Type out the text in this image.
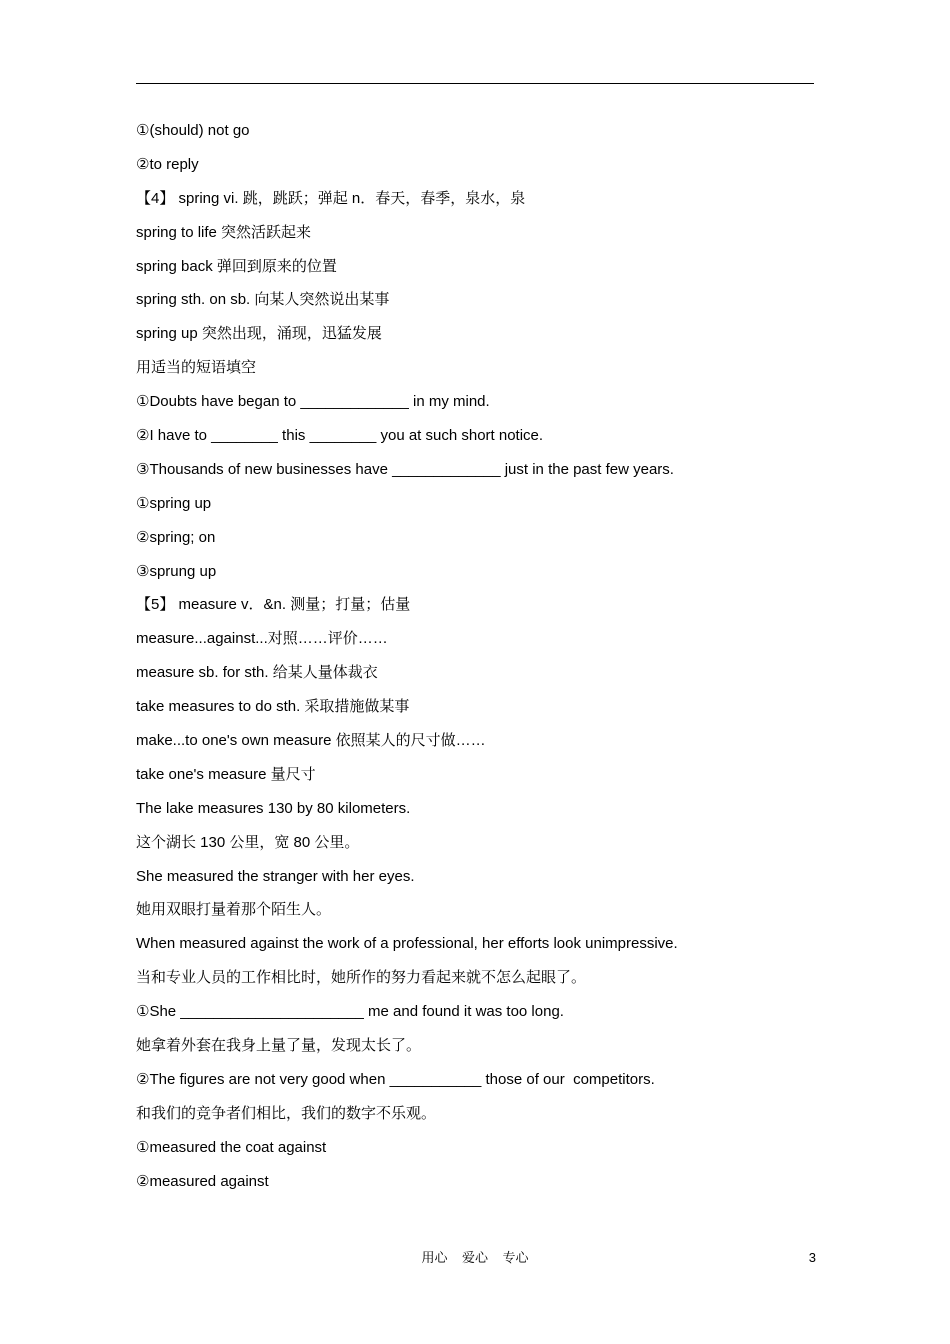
①(should) not go
②to reply
【4】 spring vi. 跳，跳跃；弹起 n．春天，春季，泉水，泉
spring to life 突然活跃起来
spring back 弹回到原来的位置
spring sth. on sb. 向某人突然说出某事
spring up 突然出现，涌现，迅猛发展
用适当的短语填空
①Doubts have began to _____________ in my mind.
②I have to ________ this ________ you at such short notice.
③Thousands of new businesses have _____________ just in the past few years.
①spring up
②spring; on
③sprung up
【5】 measure v．&n. 测量；打量；估量
measure...against...对照……评价……
measure sb. for sth. 给某人量体裁衣
take measures to do sth. 采取措施做某事
make...to one's own measure 依照某人的尺寸做……
take one's measure 量尺寸
The lake measures 130 by 80 kilometers.
这个湖长 130 公里，宽 80 公里。
She measured the stranger with her eyes.
她用双眼打量着那个陌生人。
When measured against the work of a professional, her efforts look unimpressive.
当和专业人员的工作相比时，她所作的努力看起来就不怎么起眼了。
①She ______________________ me and found it was too long.
她拿着外套在我身上量了量，发现太长了。
②The figures are not very good when ___________ those of our  competitors.
和我们的竞争者们相比，我们的数字不乐观。
①measured the coat against
②measured against
用心    爱心    专心	3
